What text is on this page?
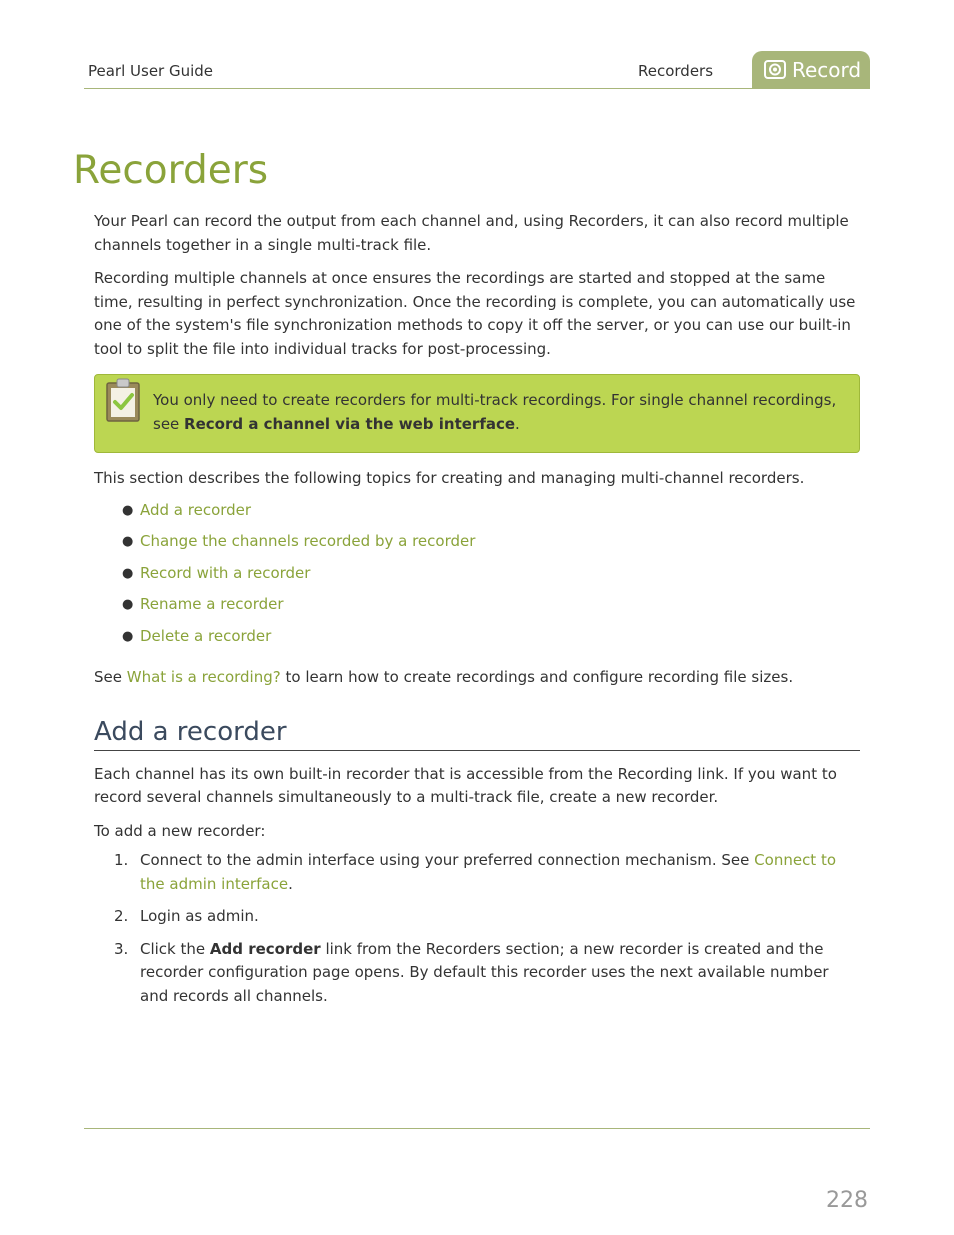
Pearl User Guide	Recorders	Record
Recorders

Your Pearl can record the output from each channel and, using Recorders, it can also record multiple channels together in a single multi-track file.

Recording multiple channels at once ensures the recordings are started and stopped at the same time, resulting in perfect synchronization. Once the recording is complete, you can automatically use one of the system's file synchronization methods to copy it off the server, or you can use our built-in tool to split the file into individual tracks for post-processing.

You only need to create recorders for multi-track recordings. For single channel recordings, see Record a channel via the web interface.

This section describes the following topics for creating and managing multi-channel recorders.

● Add a recorder
● Change the channels recorded by a recorder
● Record with a recorder
● Rename a recorder
● Delete a recorder

See What is a recording? to learn how to create recordings and configure recording file sizes.

Add a recorder

Each channel has its own built-in recorder that is accessible from the Recording link. If you want to record several channels simultaneously to a multi-track file, create a new recorder.

To add a new recorder:

1. Connect to the admin interface using your preferred connection mechanism. See Connect to the admin interface.
2. Login as admin.
3. Click the Add recorder link from the Recorders section; a new recorder is created and the recorder configuration page opens. By default this recorder uses the next available number and records all channels.
228
